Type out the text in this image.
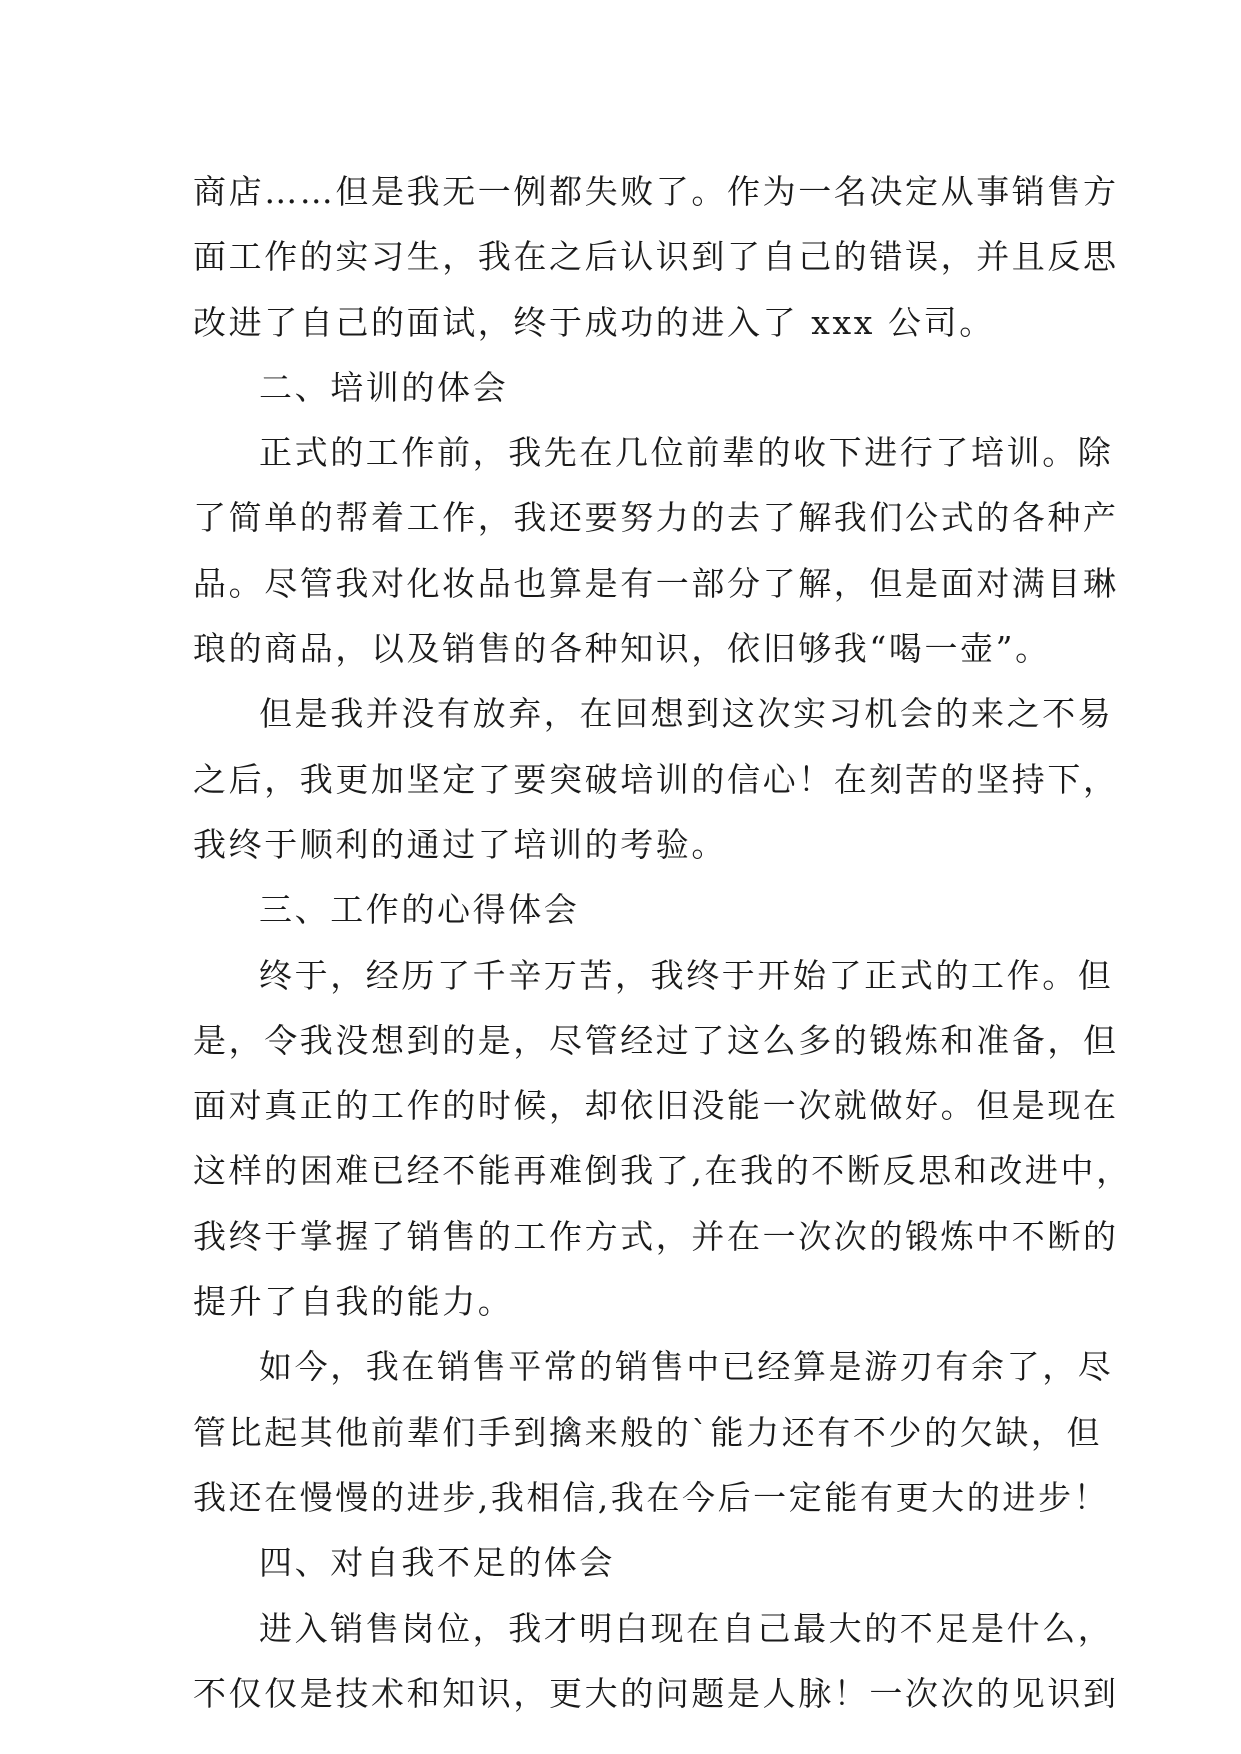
商店……但是我无一例都失败了。作为一名决定从事销售方
面工作的实习生，我在之后认识到了自己的错误，并且反思
改进了自己的面试，终于成功的进入了 xxx 公司。
二、培训的体会
正式的工作前，我先在几位前辈的收下进行了培训。除
了简单的帮着工作，我还要努力的去了解我们公式的各种产
品。尽管我对化妆品也算是有一部分了解，但是面对满目琳
琅的商品，以及销售的各种知识，依旧够我“喝一壶”。
但是我并没有放弃，在回想到这次实习机会的来之不易
之后，我更加坚定了要突破培训的信心！在刻苦的坚持下，
我终于顺利的通过了培训的考验。
三、工作的心得体会
终于，经历了千辛万苦，我终于开始了正式的工作。但
是，令我没想到的是，尽管经过了这么多的锻炼和准备，但
面对真正的工作的时候，却依旧没能一次就做好。但是现在
这样的困难已经不能再难倒我了,在我的不断反思和改进中，
我终于掌握了销售的工作方式，并在一次次的锻炼中不断的
提升了自我的能力。
如今，我在销售平常的销售中已经算是游刃有余了，尽
管比起其他前辈们手到擒来般的`能力还有不少的欠缺，但
我还在慢慢的进步,我相信,我在今后一定能有更大的进步！
四、对自我不足的体会
进入销售岗位，我才明白现在自己最大的不足是什么，
不仅仅是技术和知识，更大的问题是人脉！一次次的见识到
